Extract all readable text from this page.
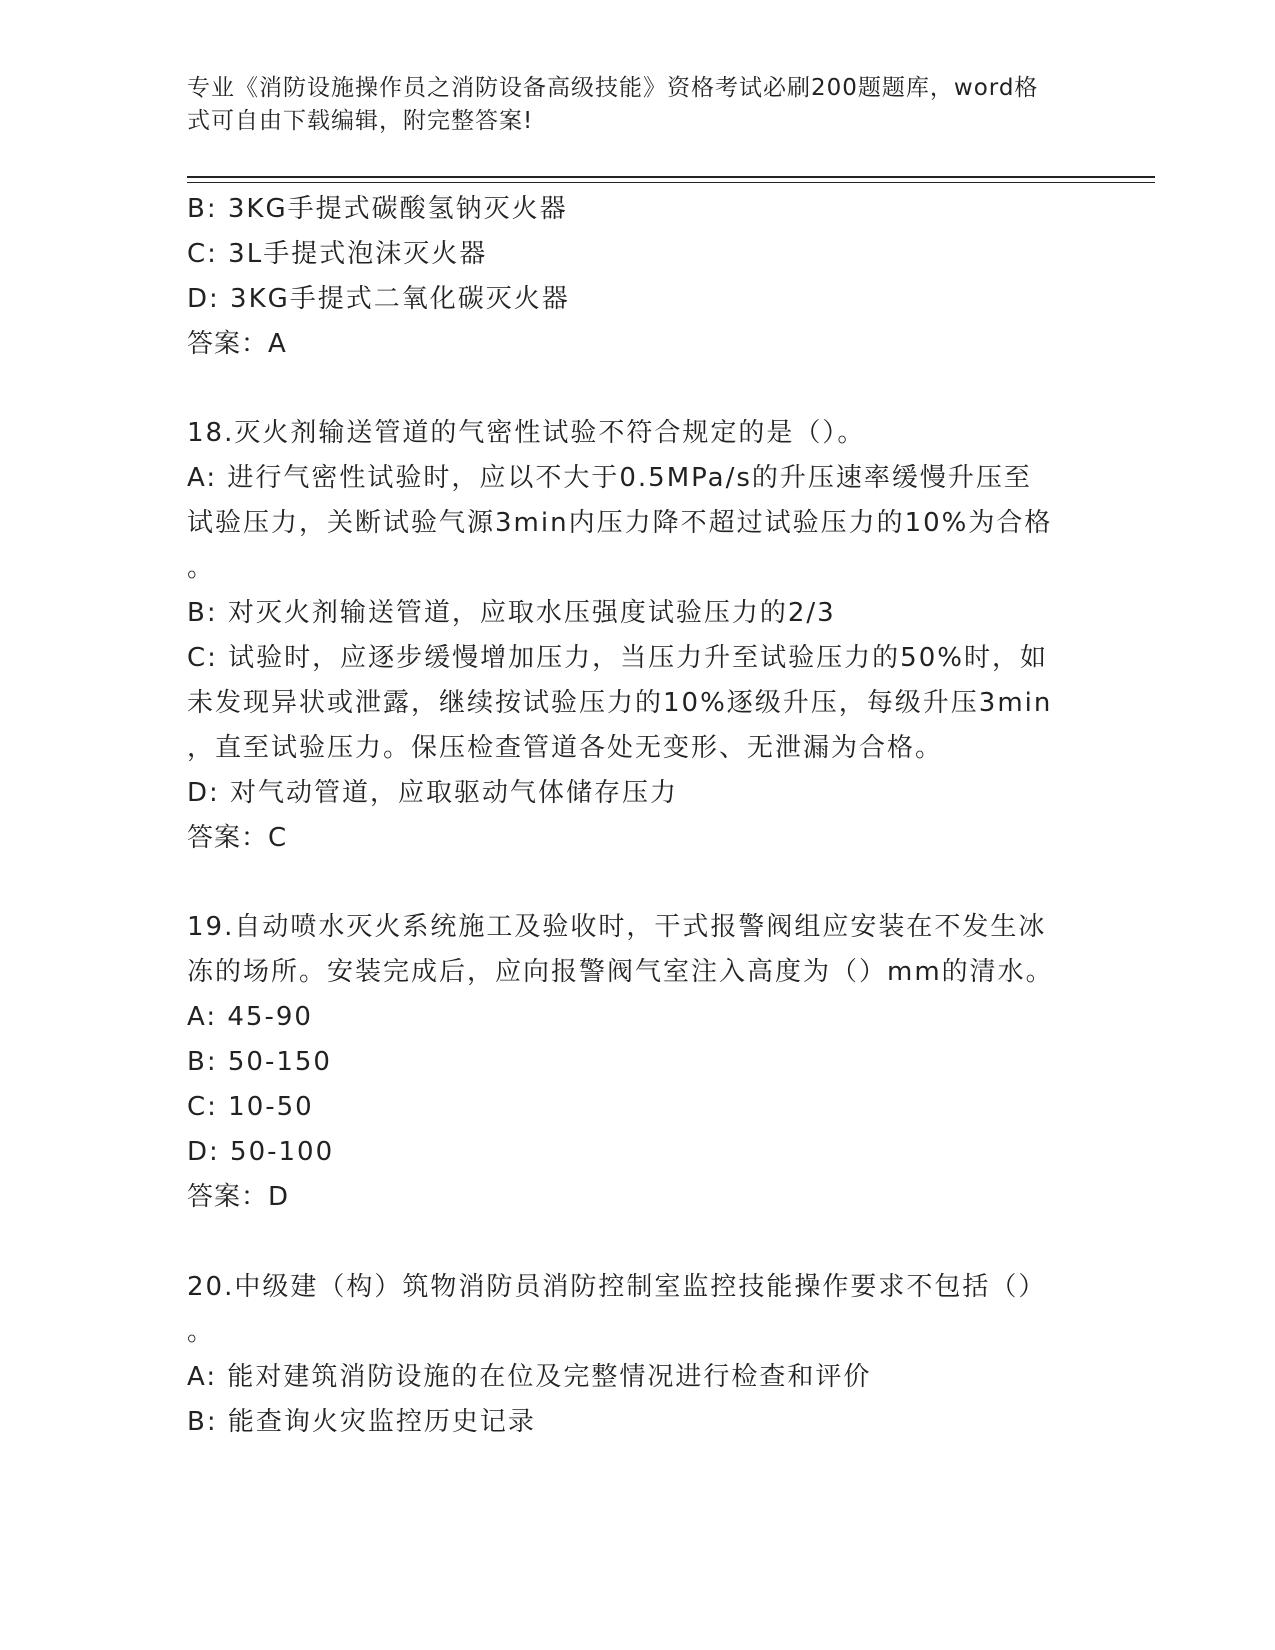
专业《消防设施操作员之消防设备高级技能》资格考试必刷200题题库，word格
式可自由下载编辑，附完整答案!
B: 3KG手提式碳酸氢钠灭火器
C: 3L手提式泡沫灭火器
D: 3KG手提式二氧化碳灭火器
答案：A
18.灭火剂输送管道的气密性试验不符合规定的是（）。
A: 进行气密性试验时，应以不大于0.5MPa/s的升压速率缓慢升压至
试验压力，关断试验气源3min内压力降不超过试验压力的10%为合格
。
B: 对灭火剂输送管道，应取水压强度试验压力的2/3
C: 试验时，应逐步缓慢增加压力，当压力升至试验压力的50%时，如
未发现异状或泄露，继续按试验压力的10%逐级升压，每级升压3min
，直至试验压力。保压检查管道各处无变形、无泄漏为合格。
D: 对气动管道，应取驱动气体储存压力
答案：C
19.自动喷水灭火系统施工及验收时，干式报警阀组应安装在不发生冰
冻的场所。安装完成后，应向报警阀气室注入高度为（）mm的清水。
A: 45-90
B: 50-150
C: 10-50
D: 50-100
答案：D
20.中级建（构）筑物消防员消防控制室监控技能操作要求不包括（）
。
A: 能对建筑消防设施的在位及完整情况进行检查和评价
B: 能查询火灾监控历史记录
